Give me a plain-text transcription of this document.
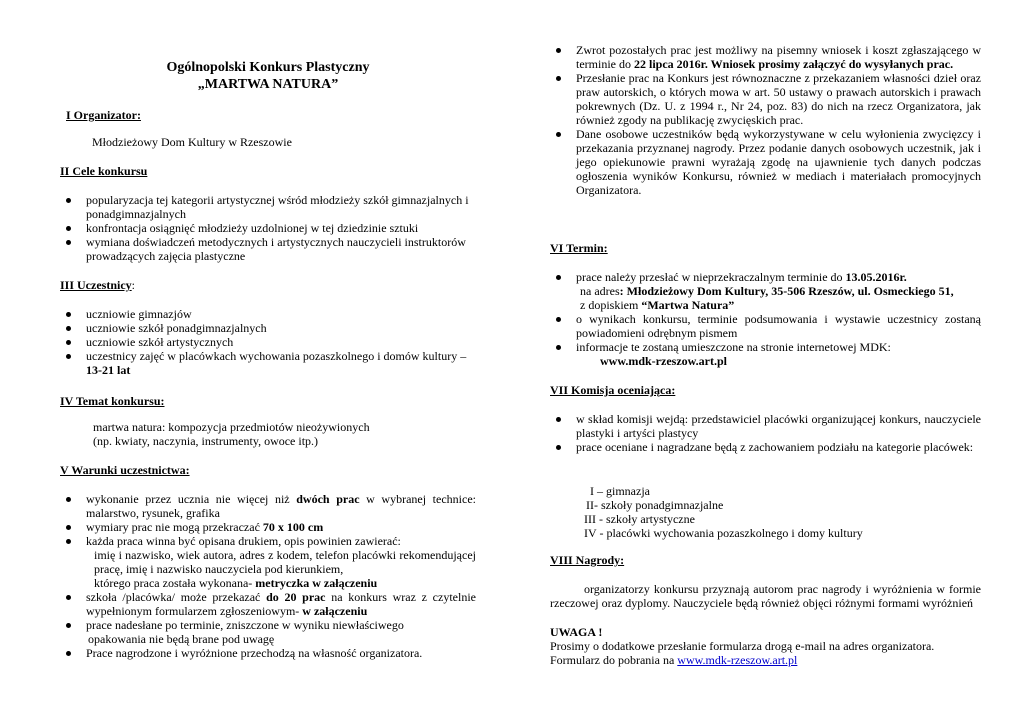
Ogólnopolski Konkurs Plastyczny
„MARTWA NATURA”
I Organizator:
Młodzieżowy Dom Kultury w Rzeszowie
II Cele konkursu
popularyzacja tej kategorii artystycznej wśród młodzieży szkół gimnazjalnych i ponadgimnazjalnych
konfrontacja osiągnięć młodzieży uzdolnionej w tej dziedzinie sztuki
wymiana doświadczeń metodycznych i artystycznych nauczycieli instruktorów prowadzących zajęcia plastyczne
III Uczestnicy:
uczniowie gimnazjów
uczniowie szkół ponadgimnazjalnych
uczniowie szkół artystycznych
uczestnicy zajęć w placówkach wychowania pozaszkolnego i domów kultury – 13-21 lat
IV Temat konkursu:
martwa natura: kompozycja przedmiotów nieożywionych
(np. kwiaty, naczynia, instrumenty, owoce itp.)
V Warunki uczestnictwa:
wykonanie przez ucznia nie więcej niż dwóch prac w wybranej technice: malarstwo, rysunek, grafika
wymiary prac nie mogą przekraczać 70 x 100 cm
każda praca winna być opisana drukiem, opis powinien zawierać:
imię i nazwisko, wiek autora, adres z kodem, telefon placówki rekomendującej pracę, imię i nazwisko nauczyciela pod kierunkiem,
którego praca została wykonana- metryczka w załączeniu
szkoła /placówka/ może przekazać do 20 prac na konkurs wraz z czytelnie wypełnionym formularzem zgłoszeniowym- w załączeniu
prace nadesłane po terminie, zniszczone w wyniku niewłaściwego
opakowania nie będą brane pod uwagę
Prace nagrodzone i wyróżnione przechodzą na własność organizatora.
Zwrot pozostałych prac jest możliwy na pisemny wniosek i koszt zgłaszającego w terminie do 22 lipca 2016r. Wniosek prosimy załączyć do wysyłanych prac.
Przesłanie prac na Konkurs jest równoznaczne z przekazaniem własności dzieł oraz praw autorskich, o których mowa w art. 50 ustawy o prawach autorskich i prawach pokrewnych (Dz. U. z 1994 r., Nr 24, poz. 83) do nich na rzecz Organizatora, jak również zgody na publikację zwycięskich prac.
Dane osobowe uczestników będą wykorzystywane w celu wyłonienia zwycięzcy i przekazania przyznanej nagrody. Przez podanie danych osobowych uczestnik, jak i jego opiekunowie prawni wyrażają zgodę na ujawnienie tych danych podczas ogłoszenia wyników Konkursu, również w mediach i materiałach promocyjnych Organizatora.
VI Termin:
prace należy przesłać w nieprzekraczalnym terminie do 13.05.2016r.
na adres: Młodzieżowy Dom Kultury, 35-506 Rzeszów, ul. Osmeckiego 51,
z dopiskiem “Martwa Natura”
o wynikach konkursu, terminie podsumowania i wystawie uczestnicy zostaną powiadomieni odrębnym pismem
informacje te zostaną umieszczone na stronie internetowej MDK:
www.mdk-rzeszow.art.pl
VII Komisja oceniająca:
w skład komisji wejdą: przedstawiciel placówki organizującej konkurs, nauczyciele plastyki i artyści plastycy
prace oceniane i nagradzane będą z zachowaniem podziału na kategorie placówek:
I – gimnazja
II- szkoły ponadgimnazjalne
III - szkoły artystyczne
IV - placówki wychowania pozaszkolnego i domy kultury
VIII Nagrody:
organizatorzy konkursu przyznają autorom prac nagrody i wyróżnienia w formie rzeczowej oraz dyplomy. Nauczyciele będą również objęci różnymi formami wyróżnień
UWAGA !
Prosimy o dodatkowe przesłanie formularza drogą e-mail na adres organizatora.
Formularz do pobrania na www.mdk-rzeszow.art.pl
